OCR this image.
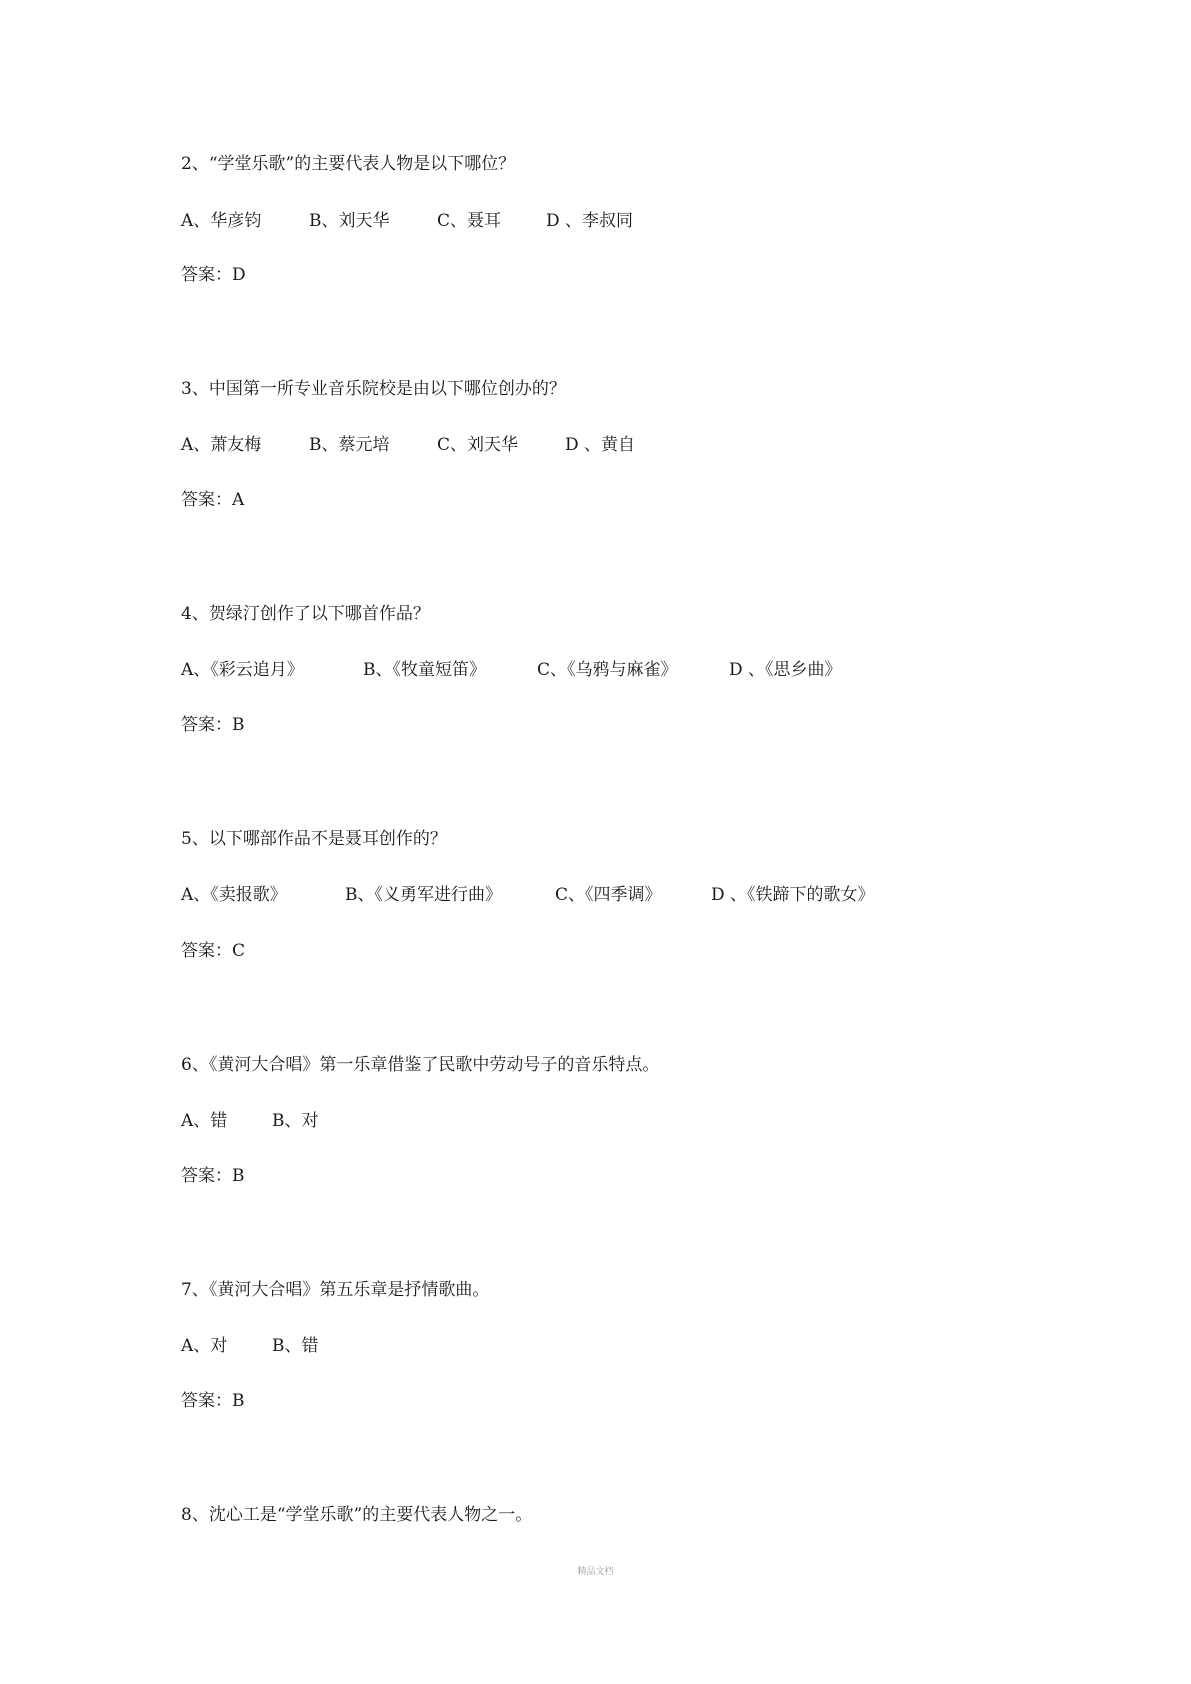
2、“学堂乐歌”的主要代表人物是以下哪位？
A、华彦钧	B、刘天华	C、聂耳	D 、李叔同
答案：D
3、中国第一所专业音乐院校是由以下哪位创办的？
A、萧友梅	B、蔡元培	C、刘天华	D 、黄自
答案：A
4、贺绿汀创作了以下哪首作品？
A、《彩云追月》	B、《牧童短笛》	C、《乌鸦与麻雀》	D 、《思乡曲》
答案：B
5、以下哪部作品不是聂耳创作的？
A、《卖报歌》	B、《义勇军进行曲》	C、《四季调》	D 、《铁蹄下的歌女》
答案：C
6、《黄河大合唱》第一乐章借鉴了民歌中劳动号子的音乐特点。
A、错	B、对
答案：B
7、《黄河大合唱》第五乐章是抒情歌曲。
A、对	B、错
答案：B
8、沈心工是“学堂乐歌”的主要代表人物之一。
精品文档
